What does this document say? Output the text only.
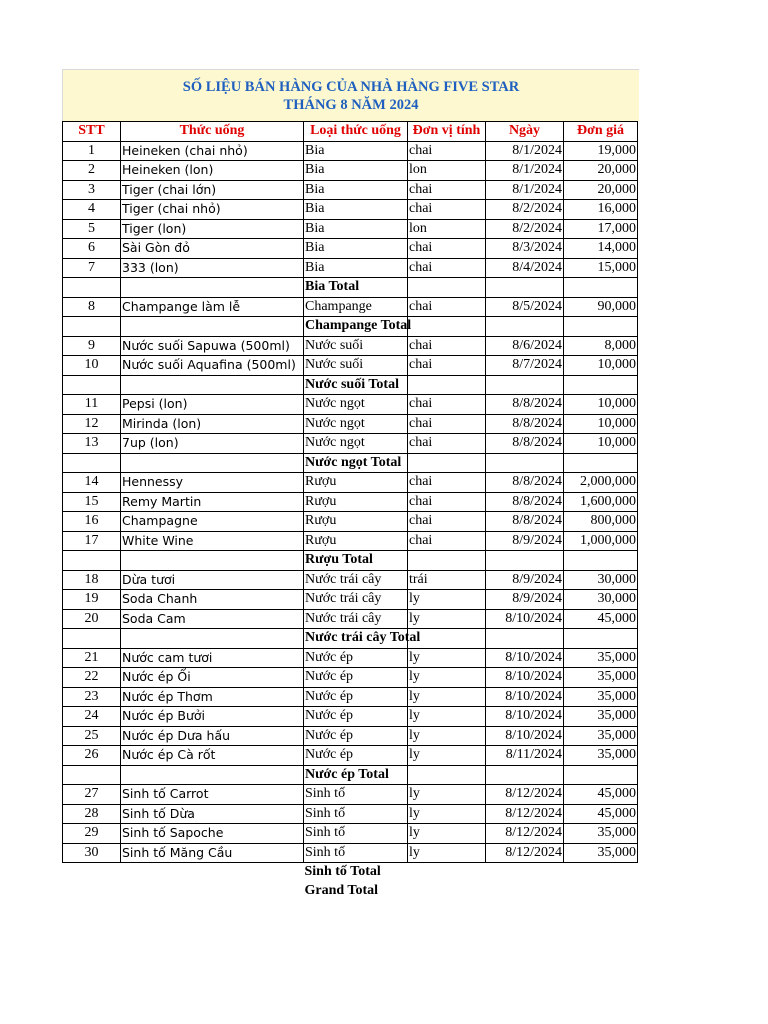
SỐ LIỆU BÁN HÀNG CỦA NHÀ HÀNG FIVE STAR
THÁNG 8 NĂM 2024
STT	Thức uống	Loại thức uống	Đơn vị tính	Ngày	Đơn giá
1	Heineken (chai nhỏ)	Bia	chai	8/1/2024	19,000
2	Heineken (lon)	Bia	lon	8/1/2024	20,000
3	Tiger (chai lớn)	Bia	chai	8/1/2024	20,000
4	Tiger (chai nhỏ)	Bia	chai	8/2/2024	16,000
5	Tiger (lon)	Bia	lon	8/2/2024	17,000
6	Sài Gòn đỏ	Bia	chai	8/3/2024	14,000
7	333 (lon)	Bia	chai	8/4/2024	15,000
		Bia Total			
8	Champange làm lễ	Champange	chai	8/5/2024	90,000
		Champange Total			
9	Nước suối Sapuwa (500ml)	Nước suối	chai	8/6/2024	8,000
10	Nước suối Aquafina (500ml)	Nước suối	chai	8/7/2024	10,000
		Nước suối Total			
11	Pepsi (lon)	Nước ngọt	chai	8/8/2024	10,000
12	Mirinda (lon)	Nước ngọt	chai	8/8/2024	10,000
13	7up (lon)	Nước ngọt	chai	8/8/2024	10,000
		Nước ngọt Total			
14	Hennessy	Rượu	chai	8/8/2024	2,000,000
15	Remy Martin	Rượu	chai	8/8/2024	1,600,000
16	Champagne	Rượu	chai	8/8/2024	800,000
17	White Wine	Rượu	chai	8/9/2024	1,000,000
		Rượu Total			
18	Dừa tươi	Nước trái cây	trái	8/9/2024	30,000
19	Soda Chanh	Nước trái cây	ly	8/9/2024	30,000
20	Soda Cam	Nước trái cây	ly	8/10/2024	45,000
		Nước trái cây Total			
21	Nước cam tươi	Nước ép	ly	8/10/2024	35,000
22	Nước ép Ổi	Nước ép	ly	8/10/2024	35,000
23	Nước ép Thơm	Nước ép	ly	8/10/2024	35,000
24	Nước ép Bưởi	Nước ép	ly	8/10/2024	35,000
25	Nước ép Dưa hấu	Nước ép	ly	8/10/2024	35,000
26	Nước ép Cà rốt	Nước ép	ly	8/11/2024	35,000
		Nước ép Total			
27	Sinh tố Carrot	Sinh tố	ly	8/12/2024	45,000
28	Sinh tố Dừa	Sinh tố	ly	8/12/2024	45,000
29	Sinh tố Sapoche	Sinh tố	ly	8/12/2024	35,000
30	Sinh tố Măng Cầu	Sinh tố	ly	8/12/2024	35,000
		Sinh tố Total			
		Grand Total			
